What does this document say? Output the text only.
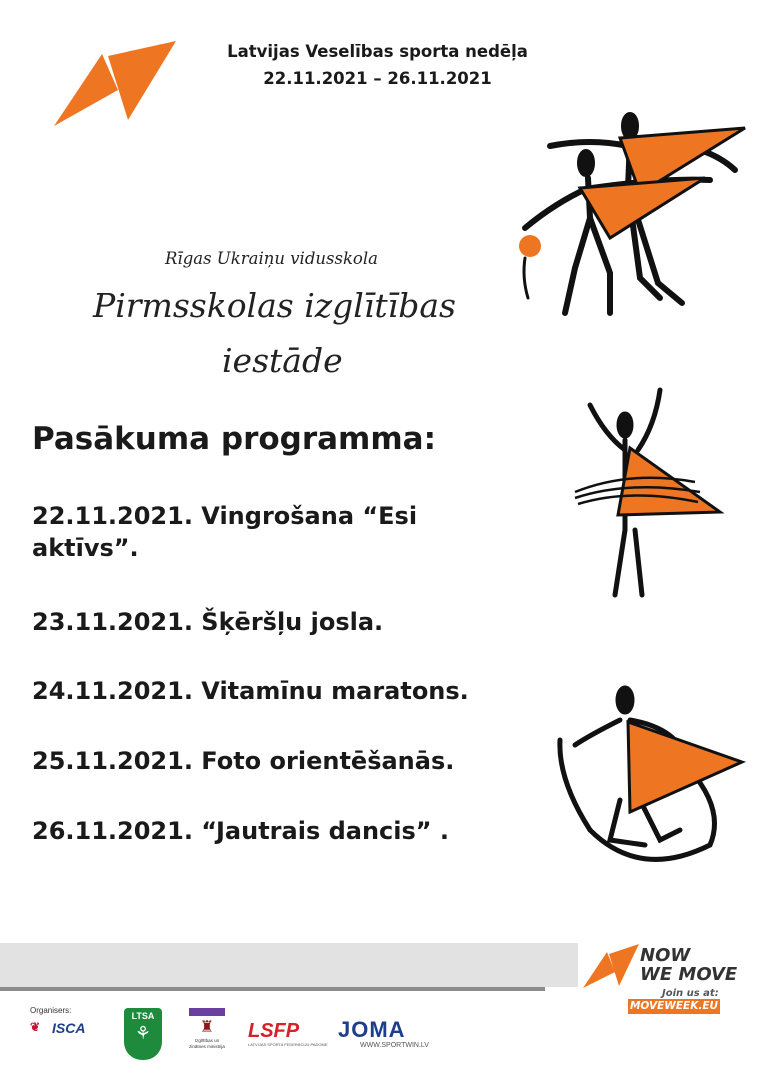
Latvijas Veselības sporta nedēļa
22.11.2021 – 26.11.2021
Rīgas Ukraiņu vidusskola
Pirmsskolas izglītības
iestāde
Pasākuma programma:
22.11.2021. Vingrošana “Esi aktīvs”.
23.11.2021. Šķēršļu josla.
24.11.2021. Vitamīnu maratons.
25.11.2021. Foto orientēšanās.
26.11.2021. “Jautrais dancis” .
NOW
WE MOVE
Join us at:
MOVEWEEK.EU
Organisers:
❦ ISCA
LTSA
⚘	♜
Izglītības un zinātnes ministrija
LSFP
LATVIJAS SPORTA FEDERĀCIJU PADOME
JOMA
WWW.SPORTWIN.LV
